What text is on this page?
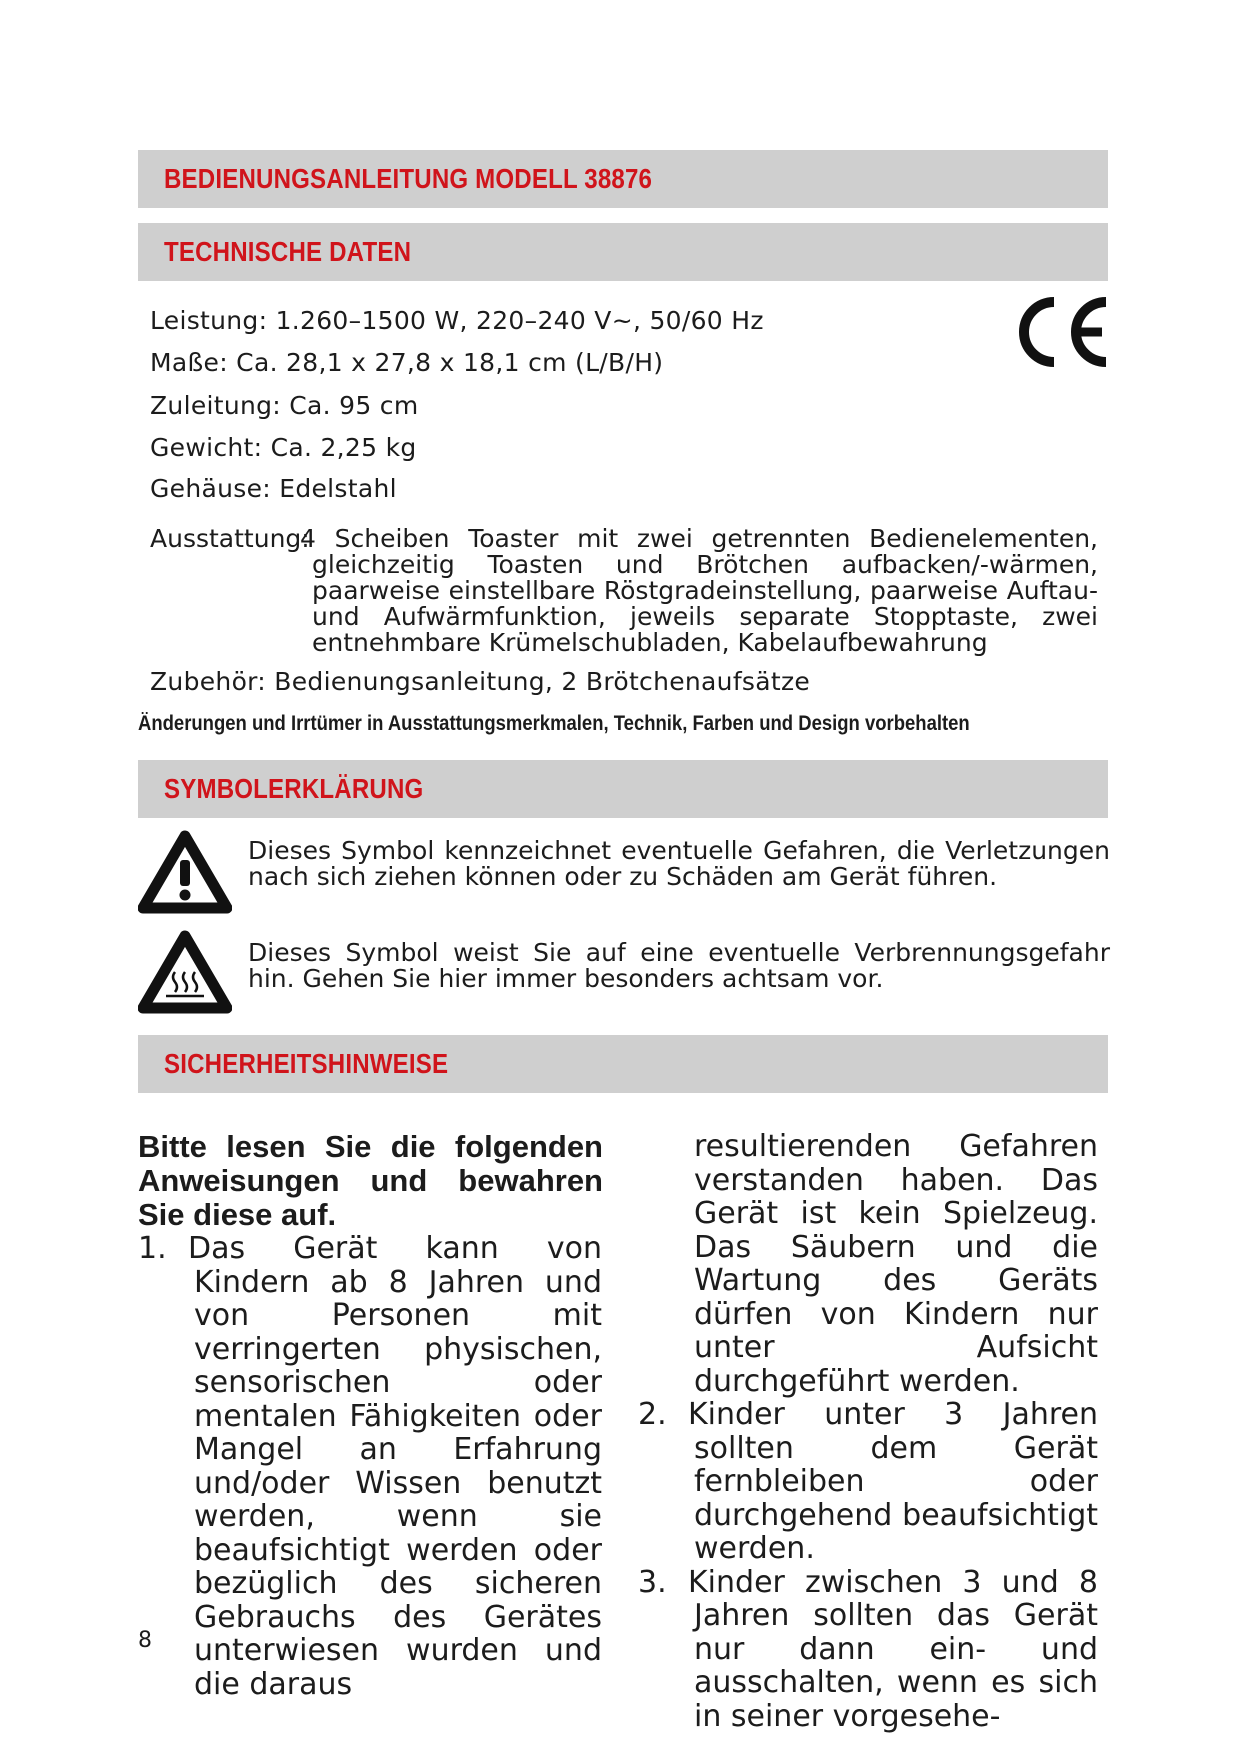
BEDIENUNGSANLEITUNG MODELL 38876
TECHNISCHE DATEN
Leistung: 1.260–1500 W, 220–240 V~, 50/60 Hz
Maße: Ca. 28,1 x 27,8 x 18,1 cm (L/B/H)
Zuleitung: Ca. 95 cm
Gewicht: Ca. 2,25 kg
Gehäuse: Edelstahl
Ausstattung:
4 Scheiben Toaster mit zwei getrennten Bedienelementen, gleichzeitig Toasten und Brötchen aufbacken/-wärmen, paarweise einstellbare Röstgradeinstellung, paarweise Auftau- und Aufwärmfunktion, jeweils separate Stopptaste, zwei entnehmbare Krümelschubladen, Kabelaufbewahrung
Zubehör: Bedienungsanleitung, 2 Brötchenaufsätze
Änderungen und Irrtümer in Ausstattungsmerkmalen, Technik, Farben und Design vorbehalten
SYMBOLERKLÄRUNG
Dieses Symbol kennzeichnet eventuelle Gefahren, die Verletzungen nach sich ziehen können oder zu Schäden am Gerät führen.
Dieses Symbol weist Sie auf eine eventuelle Verbrennungsgefahr hin. Gehen Sie hier immer besonders achtsam vor.
SICHERHEITSHINWEISE
Bitte lesen Sie die folgenden Anweisungen und bewahren Sie diese auf.
1. Das Gerät kann von Kindern ab 8 Jahren und von Personen mit verringerten physischen, sensorischen oder mentalen Fähigkeiten oder Mangel an Erfahrung und/oder Wissen benutzt werden, wenn sie beaufsichtigt werden oder bezüglich des sicheren Gebrauchs des Gerätes unterwiesen wurden und die daraus
resultierenden Gefahren verstanden haben. Das Gerät ist kein Spielzeug. Das Säubern und die Wartung des Geräts dürfen von Kindern nur unter Aufsicht durchgeführt werden.
2. Kinder unter 3 Jahren sollten dem Gerät fernbleiben oder durchgehend beaufsichtigt werden.
3. Kinder zwischen 3 und 8 Jahren sollten das Gerät nur dann ein- und ausschalten, wenn es sich in seiner vorgesehe-
8
